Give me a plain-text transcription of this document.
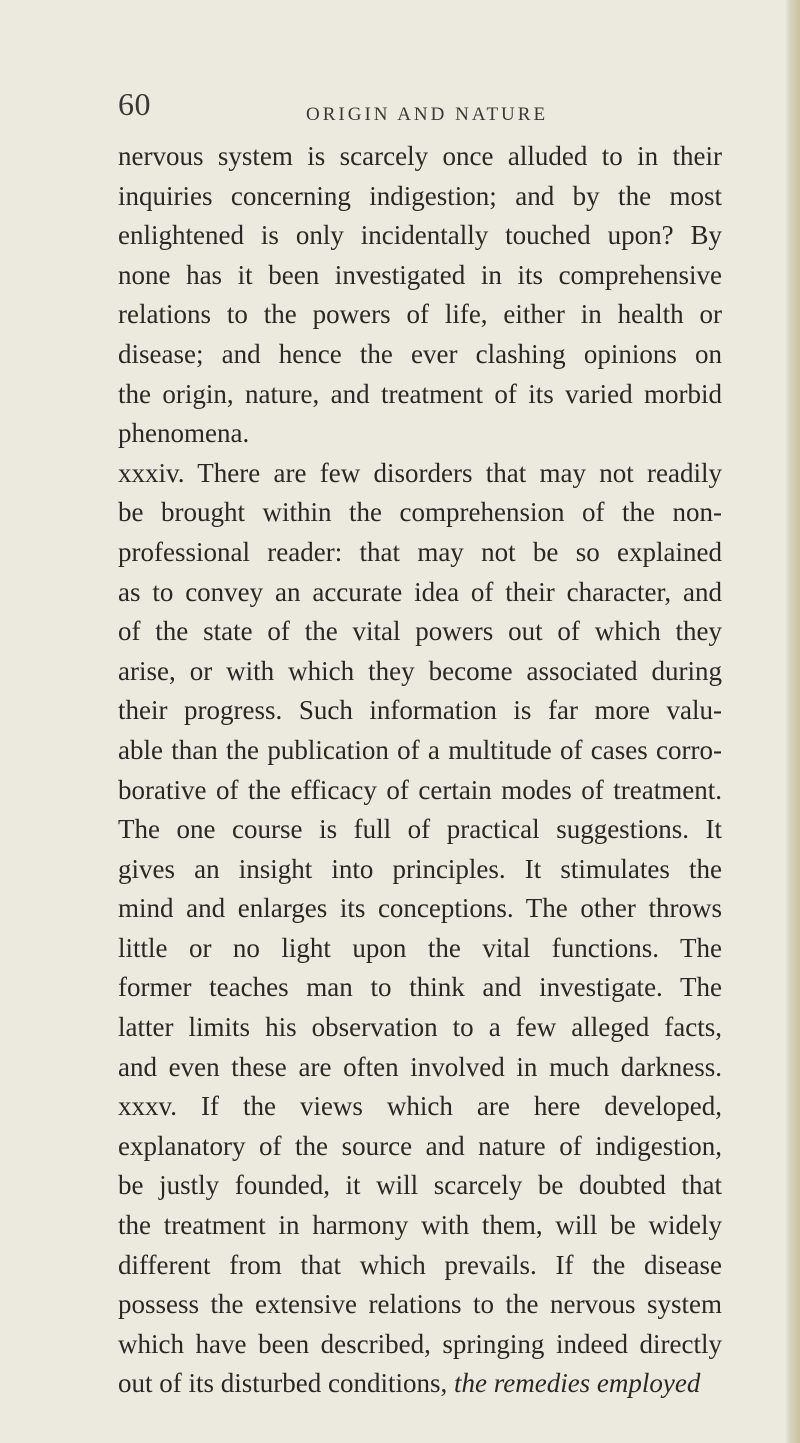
60	ORIGIN AND NATURE
nervous system is scarcely once alluded to in their
inquiries concerning indigestion; and by the most
enlightened is only incidentally touched upon? By
none has it been investigated in its comprehensive
relations to the powers of life, either in health or
disease; and hence the ever clashing opinions on
the origin, nature, and treatment of its varied morbid
phenomena.
xxxiv. There are few disorders that may not readily
be brought within the comprehension of the non-
professional reader: that may not be so explained
as to convey an accurate idea of their character, and
of the state of the vital powers out of which they
arise, or with which they become associated during
their progress. Such information is far more valu-
able than the publication of a multitude of cases corro-
borative of the efficacy of certain modes of treatment.
The one course is full of practical suggestions. It
gives an insight into principles. It stimulates the
mind and enlarges its conceptions. The other throws
little or no light upon the vital functions. The
former teaches man to think and investigate. The
latter limits his observation to a few alleged facts,
and even these are often involved in much darkness.
xxxv. If the views which are here developed,
explanatory of the source and nature of indigestion,
be justly founded, it will scarcely be doubted that
the treatment in harmony with them, will be widely
different from that which prevails. If the disease
possess the extensive relations to the nervous system
which have been described, springing indeed directly
out of its disturbed conditions, the remedies employed
